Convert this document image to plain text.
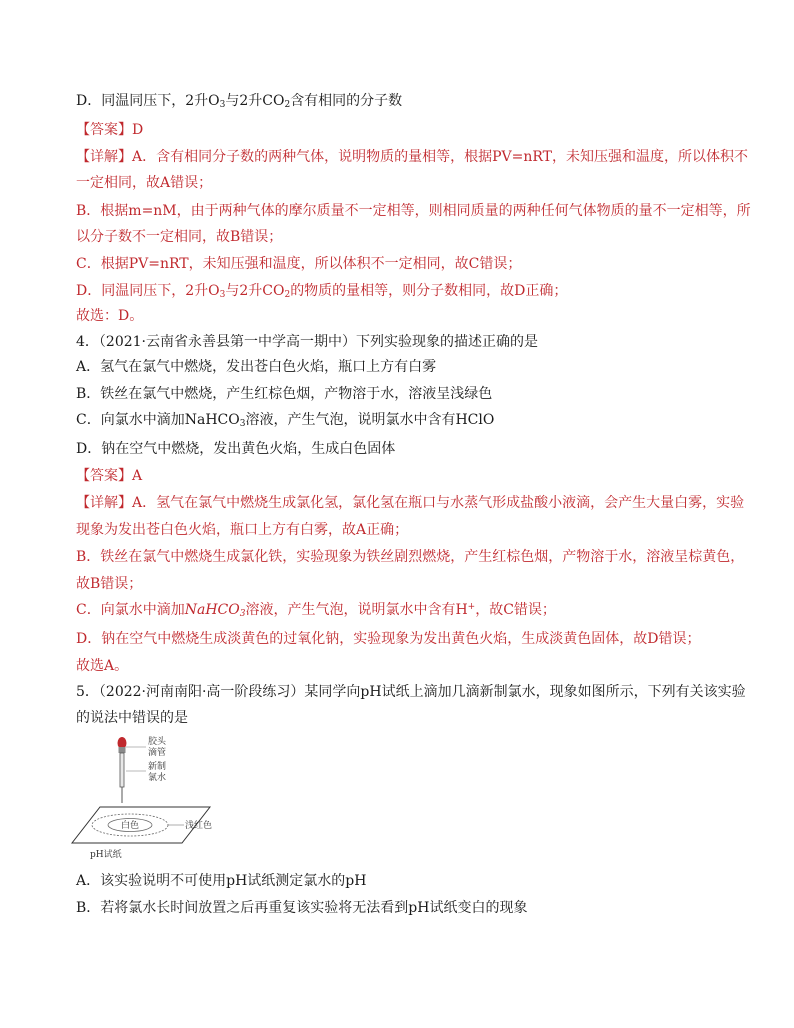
D．同温同压下，2升$O_3$与2升$CO_2$含有相同的分子数
【答案】D
【详解】A．含有相同分子数的两种气体，说明物质的量相等，根据PV=nRT，未知压强和温度，所以体积不
一定相同，故A错误；
B．根据m=nM，由于两种气体的摩尔质量不一定相等，则相同质量的两种任何气体物质的量不一定相等，所
以分子数不一定相同，故B错误；
C．根据PV=nRT，未知压强和温度，所以体积不一定相同，故C错误；
D．同温同压下，2升$O_3$与2升$CO_2$的物质的量相等，则分子数相同，故D正确；
故选：D。
4．（2021·云南省永善县第一中学高一期中）下列实验现象的描述正确的是
A．氢气在氯气中燃烧，发出苍白色火焰，瓶口上方有白雾
B．铁丝在氯气中燃烧，产生红棕色烟，产物溶于水，溶液呈浅绿色
C．向氯水中滴加NaHCO$_3$溶液，产生气泡，说明氯水中含有HClO
D．钠在空气中燃烧，发出黄色火焰，生成白色固体
【答案】A
【详解】A．氢气在氯气中燃烧生成氯化氢，氯化氢在瓶口与水蒸气形成盐酸小液滴，会产生大量白雾，实验
现象为发出苍白色火焰，瓶口上方有白雾，故A正确；
B．铁丝在氯气中燃烧生成氯化铁，实验现象为铁丝剧烈燃烧，产生红棕色烟，产物溶于水，溶液呈棕黄色，
故B错误；
C．向氯水中滴加NaHCO$_3$溶液，产生气泡，说明氯水中含有H+，故C错误；
D．钠在空气中燃烧生成淡黄色的过氧化钠，实验现象为发出黄色火焰，生成淡黄色固体，故D错误；
故选A。
5．（2022·河南南阳·高一阶段练习）某同学向pH试纸上滴加几滴新制氯水，现象如图所示，下列有关该实验
的说法中错误的是
胶头
滴管
新制
氯水
白色	浅红色
pH试纸
A．该实验说明不可使用pH试纸测定氯水的pH
B．若将氯水长时间放置之后再重复该实验将无法看到pH试纸变白的现象
